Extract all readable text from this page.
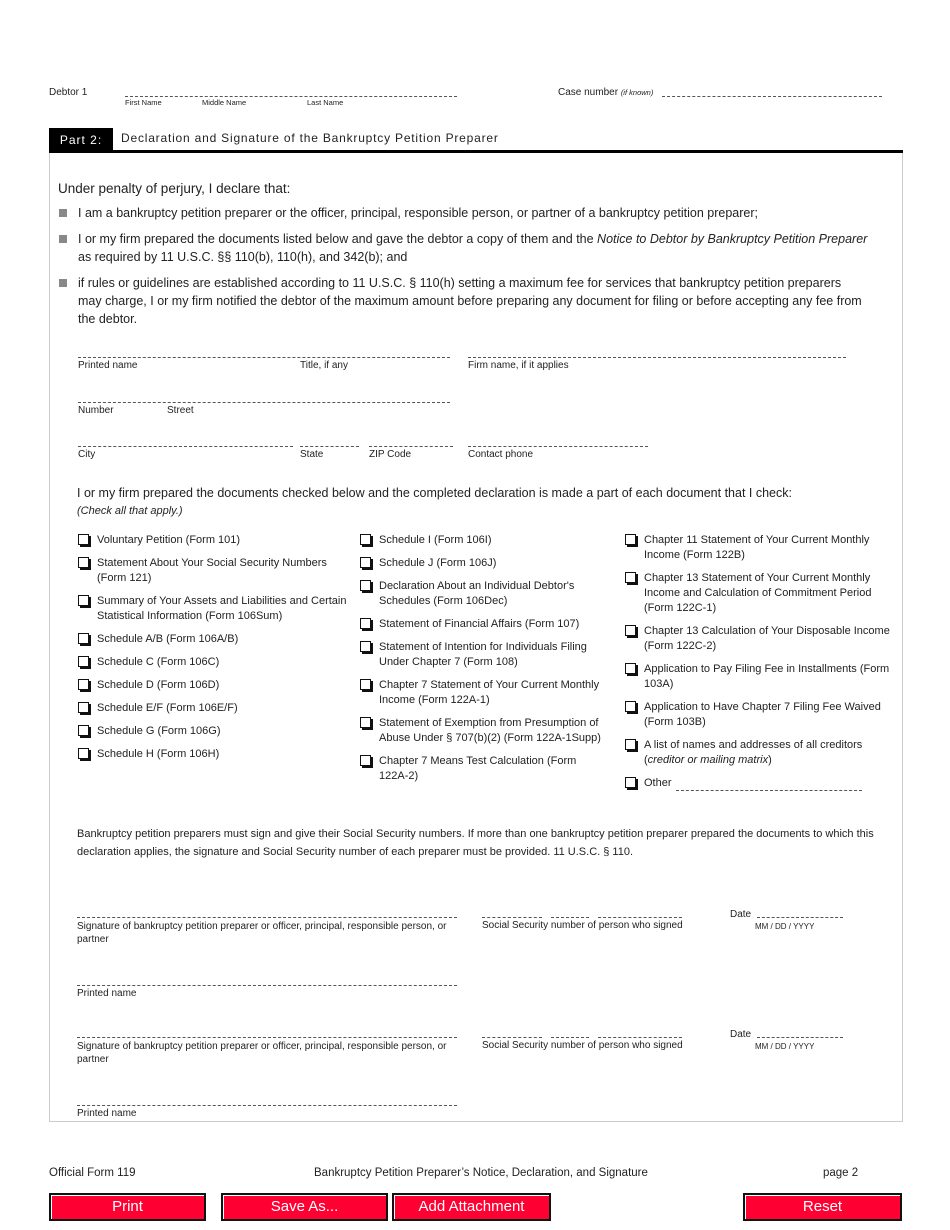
Debtor 1
First Name	Middle Name	Last Name
Case number (if known)
Part 2:	Declaration and Signature of the Bankruptcy Petition Preparer
Under penalty of perjury, I declare that:
I am a bankruptcy petition preparer or the officer, principal, responsible person, or partner of a bankruptcy petition preparer;
I or my firm prepared the documents listed below and gave the debtor a copy of them and the Notice to Debtor by Bankruptcy Petition Preparer as required by 11 U.S.C. §§ 110(b), 110(h), and 342(b); and
if rules or guidelines are established according to 11 U.S.C. § 110(h) setting a maximum fee for services that bankruptcy petition preparers may charge, I or my firm notified the debtor of the maximum amount before preparing any document for filing or before accepting any fee from the debtor.
Printed name	Title, if any	Firm name, if it applies
Number	Street
City	State	ZIP Code	Contact phone
I or my firm prepared the documents checked below and the completed declaration is made a part of each document that I check:
(Check all that apply.)
Voluntary Petition (Form 101)
Statement About Your Social Security Numbers (Form 121)
Summary of Your Assets and Liabilities and Certain Statistical Information (Form 106Sum)
Schedule A/B (Form 106A/B)
Schedule C (Form 106C)
Schedule D (Form 106D)
Schedule E/F (Form 106E/F)
Schedule G (Form 106G)
Schedule H (Form 106H)
Schedule I (Form 106I)
Schedule J (Form 106J)
Declaration About an Individual Debtor's Schedules (Form 106Dec)
Statement of Financial Affairs (Form 107)
Statement of Intention for Individuals Filing Under Chapter 7 (Form 108)
Chapter 7 Statement of Your Current Monthly Income (Form 122A-1)
Statement of Exemption from Presumption of Abuse Under § 707(b)(2) (Form 122A-1Supp)
Chapter 7 Means Test Calculation (Form 122A-2)
Chapter 11 Statement of Your Current Monthly Income (Form 122B)
Chapter 13 Statement of Your Current Monthly Income and Calculation of Commitment Period (Form 122C-1)
Chapter 13 Calculation of Your Disposable Income (Form 122C-2)
Application to Pay Filing Fee in Installments (Form 103A)
Application to Have Chapter 7 Filing Fee Waived (Form 103B)
A list of names and addresses of all creditors
(creditor or mailing matrix)
Other
Bankruptcy petition preparers must sign and give their Social Security numbers. If more than one bankruptcy petition preparer prepared the documents to which this declaration applies, the signature and Social Security number of each preparer must be provided. 11 U.S.C. § 110.
Signature of bankruptcy petition preparer or officer, principal, responsible person, or partner
Social Security number of person who signed
Date
MM / DD / YYYY
Printed name
Signature of bankruptcy petition preparer or officer, principal, responsible person, or partner
Social Security number of person who signed
Date
MM / DD / YYYY
Printed name
Official Form 119	Bankruptcy Petition Preparer’s Notice, Declaration, and Signature	page 2
Print	Save As...	Add Attachment	Reset
